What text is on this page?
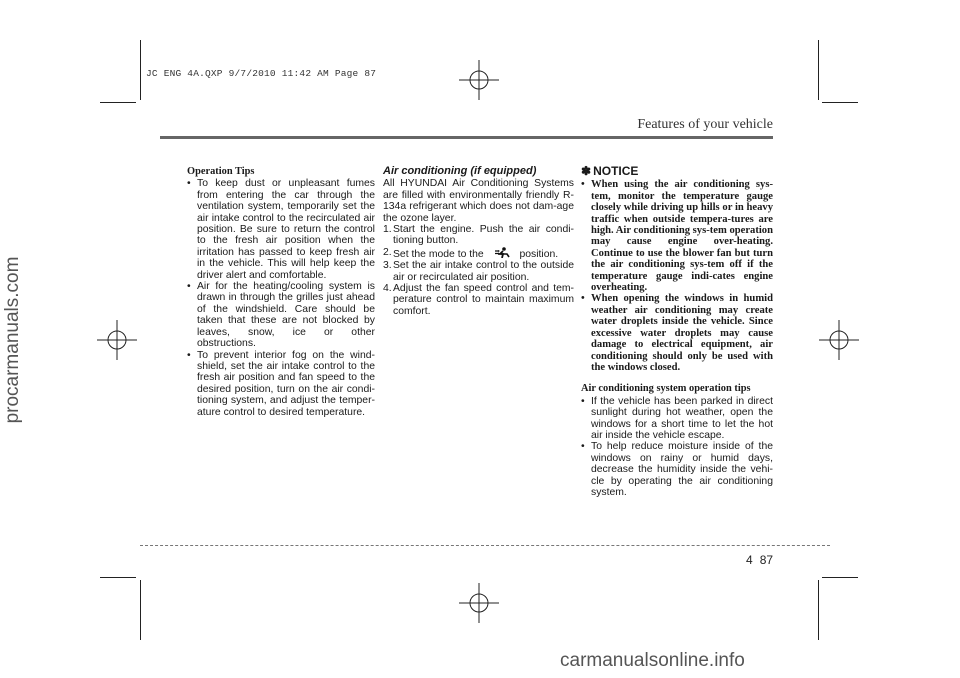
JC ENG 4A.QXP 9/7/2010 11:42 AM Page 87
procarmanuals.com
carmanualsonline.info
Features of your vehicle
Operation Tips
• To keep dust or unpleasant fumes from entering the car through the ventilation system, temporarily set the air intake control to the recirculated air position. Be sure to return the control to the fresh air position when the irritation has passed to keep fresh air in the vehicle. This will help keep the driver alert and comfortable.
• Air for the heating/cooling system is drawn in through the grilles just ahead of the windshield. Care should be taken that these are not blocked by leaves, snow, ice or other obstructions.
• To prevent interior fog on the wind-shield, set the air intake control to the fresh air position and fan speed to the desired position, turn on the air condi-tioning system, and adjust the temper-ature control to desired temperature.
Air conditioning (if equipped)

All HYUNDAI Air Conditioning Systems are filled with environmentally friendly R-134a refrigerant which does not dam-age the ozone layer.

1. Start the engine. Push the air condi-tioning button.
2. Set the mode to the	position.
3. Set the air intake control to the outside air or recirculated air position.
4. Adjust the fan speed control and tem-perature control to maintain maximum comfort.
✽ NOTICE
• When using the air conditioning sys-tem, monitor the temperature gauge closely while driving up hills or in heavy traffic when outside tempera-tures are high. Air conditioning sys-tem operation may cause engine over-heating. Continue to use the blower fan but turn the air conditioning sys-tem off if the temperature gauge indi-cates engine overheating.
• When opening the windows in humid weather air conditioning may create water droplets inside the vehicle. Since excessive water droplets may cause damage to electrical equipment, air conditioning should only be used with the windows closed.
Air conditioning system operation tips
• If the vehicle has been parked in direct sunlight during hot weather, open the windows for a short time to let the hot air inside the vehicle escape.
• To help reduce moisture inside of the windows on rainy or humid days, decrease the humidity inside the vehi-cle by operating the air conditioning system.
4 87
